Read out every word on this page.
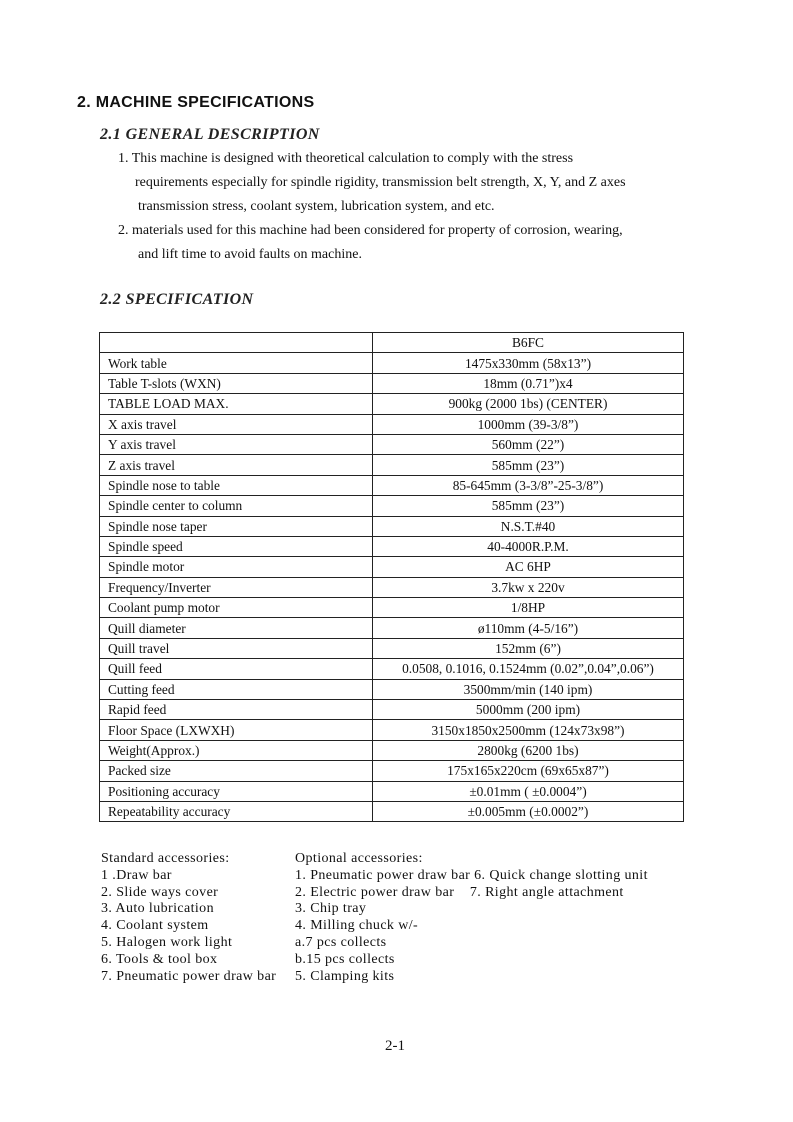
2. MACHINE SPECIFICATIONS
2.1 GENERAL DESCRIPTION
1. This machine is designed with theoretical calculation to comply with the stress
requirements especially for spindle rigidity, transmission belt strength, X, Y, and Z axes
transmission stress, coolant system, lubrication system, and etc.
2. materials used for this machine had been considered for property of corrosion, wearing,
and lift time to avoid faults on machine.
2.2 SPECIFICATION
	B6FC
Work table	1475x330mm (58x13”)
Table T-slots (WXN)	18mm (0.71”)x4
TABLE LOAD MAX.	900kg (2000 1bs) (CENTER)
X axis travel	1000mm (39-3/8”)
Y axis travel	560mm (22”)
Z axis travel	585mm (23”)
Spindle nose to table	85-645mm (3-3/8”-25-3/8”)
Spindle center to column	585mm (23”)
Spindle nose taper	N.S.T.#40
Spindle speed	40-4000R.P.M.
Spindle motor	AC 6HP
Frequency/Inverter	3.7kw x 220v
Coolant pump motor	1/8HP
Quill diameter	ø110mm (4-5/16”)
Quill travel	152mm (6”)
Quill feed	0.0508, 0.1016, 0.1524mm (0.02”,0.04”,0.06”)
Cutting feed	3500mm/min (140 ipm)
Rapid feed	5000mm (200 ipm)
Floor Space (LXWXH)	3150x1850x2500mm (124x73x98”)
Weight(Approx.)	2800kg (6200 1bs)
Packed size	175x165x220cm (69x65x87”)
Positioning accuracy	±0.01mm ( ±0.0004”)
Repeatability accuracy	±0.005mm (±0.0002”)
Standard accessories:
1 .Draw bar
2. Slide ways cover
3. Auto lubrication
4. Coolant system
5. Halogen work light
6. Tools & tool box
7. Pneumatic power draw bar
Optional accessories:
1. Pneumatic power draw bar 6. Quick change slotting unit
2. Electric power draw bar    7. Right angle attachment
3. Chip tray
4. Milling chuck w/-
a.7 pcs collects
b.15 pcs collects
5. Clamping kits
2-1
